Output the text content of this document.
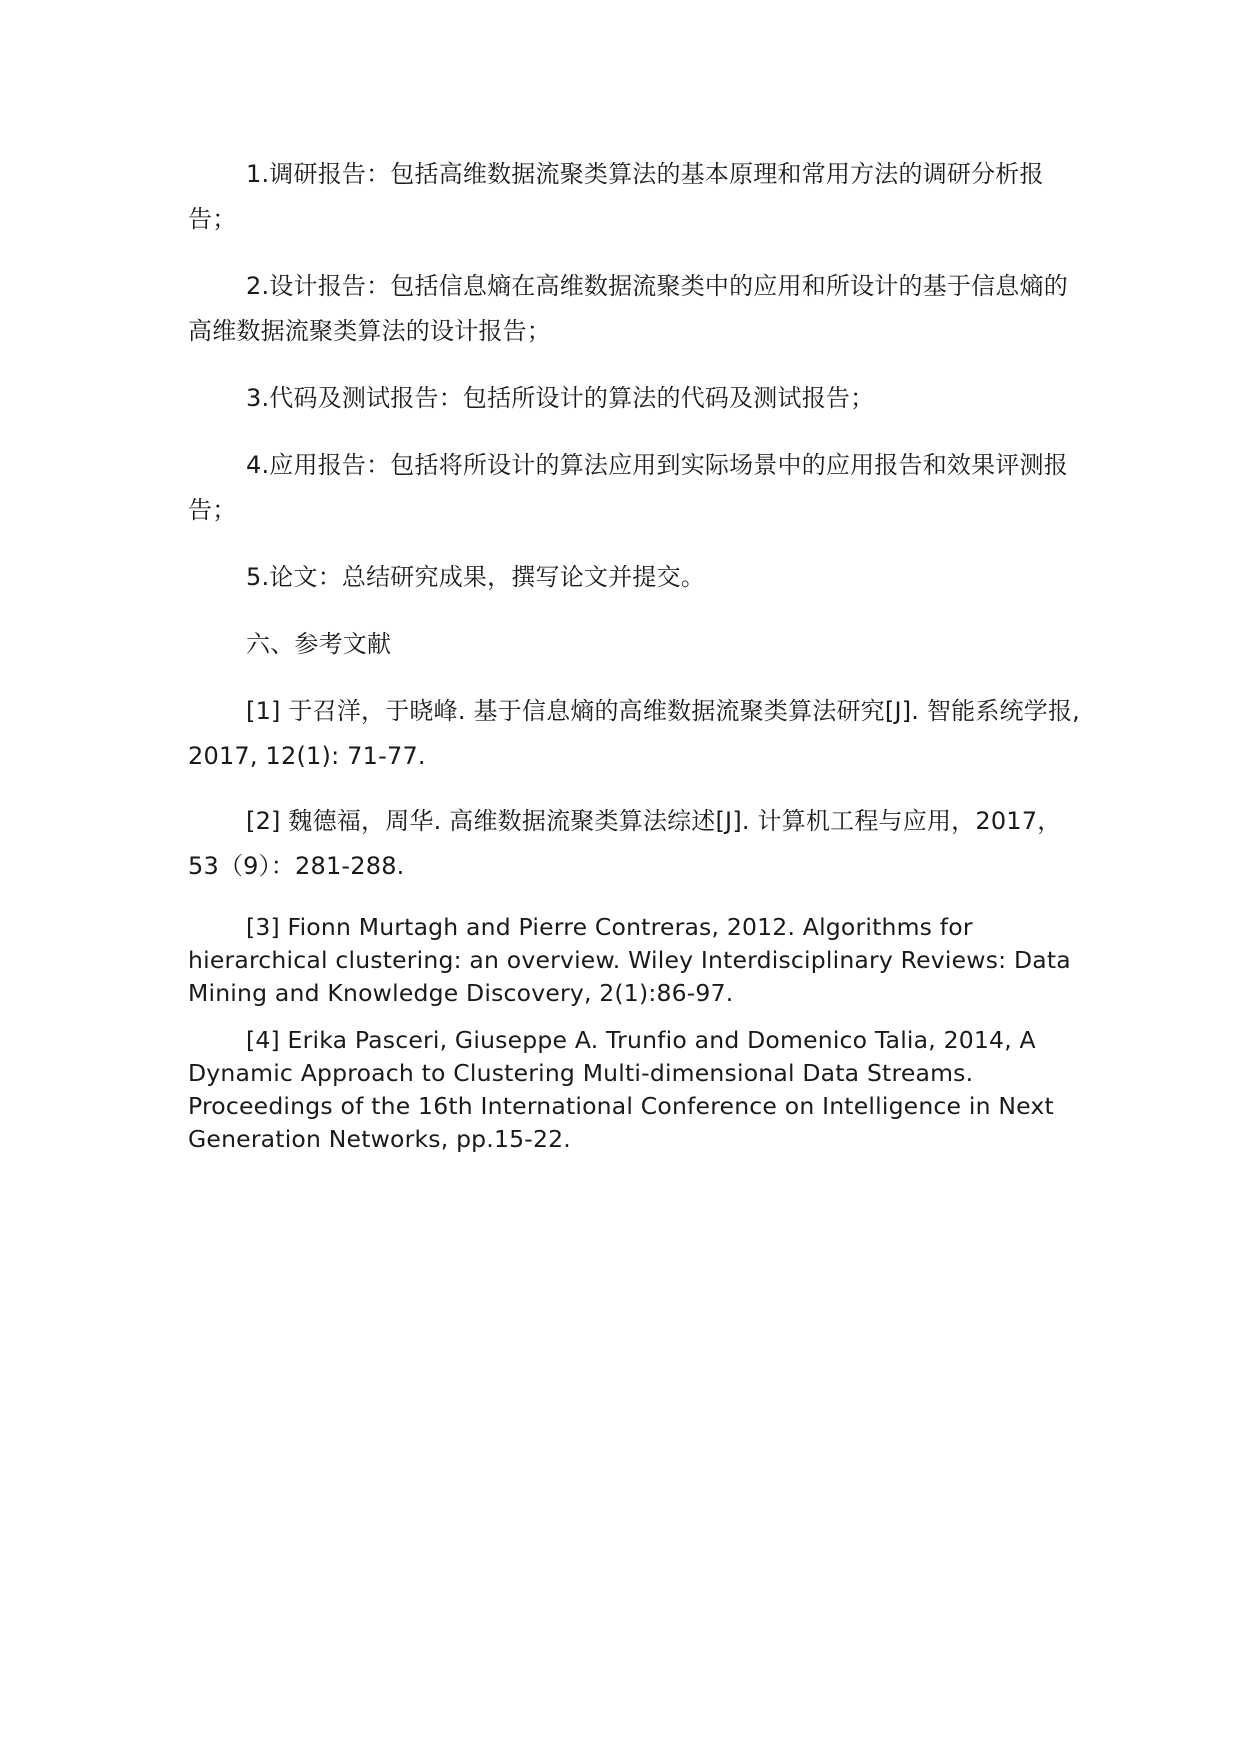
1.调研报告：包括高维数据流聚类算法的基本原理和常用方法的调研分析报告；

2.设计报告：包括信息熵在高维数据流聚类中的应用和所设计的基于信息熵的高维数据流聚类算法的设计报告；

3.代码及测试报告：包括所设计的算法的代码及测试报告；

4.应用报告：包括将所设计的算法应用到实际场景中的应用报告和效果评测报告；

5.论文：总结研究成果，撰写论文并提交。

六、参考文献

[1] 于召洋，于晓峰. 基于信息熵的高维数据流聚类算法研究[J]. 智能系统学报, 2017, 12(1): 71-77.

[2] 魏德福，周华. 高维数据流聚类算法综述[J]. 计算机工程与应用，2017，53（9）：281-288.

[3] Fionn Murtagh and Pierre Contreras, 2012. Algorithms for hierarchical clustering: an overview. Wiley Interdisciplinary Reviews: Data Mining and Knowledge Discovery, 2(1):86-97.

[4] Erika Pasceri, Giuseppe A. Trunfio and Domenico Talia, 2014, A Dynamic Approach to Clustering Multi-dimensional Data Streams. Proceedings of the 16th International Conference on Intelligence in Next Generation Networks, pp.15-22.
